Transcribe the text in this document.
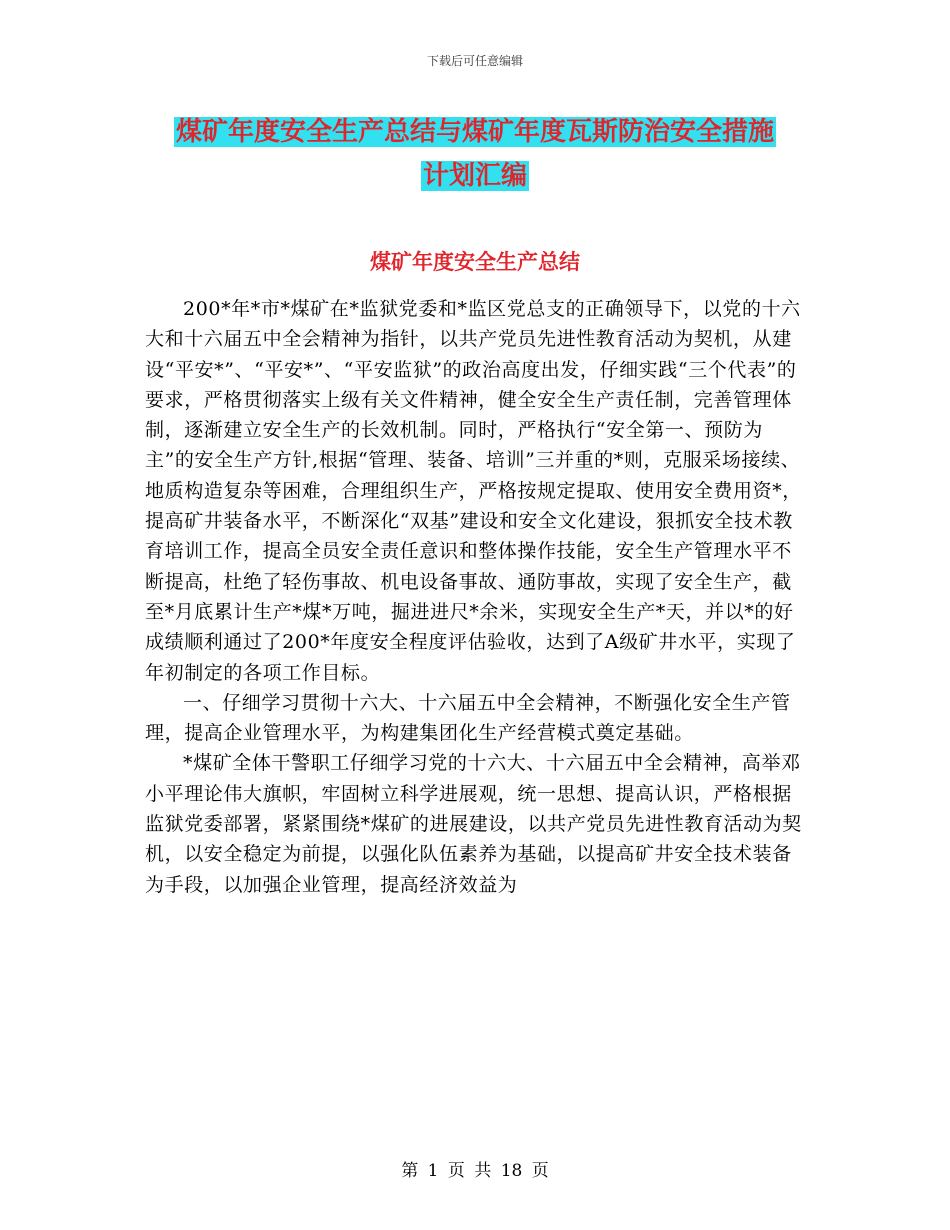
下载后可任意编辑
煤矿年度安全生产总结与煤矿年度瓦斯防治安全措施
计划汇编
煤矿年度安全生产总结

200*年*市*煤矿在*监狱党委和*监区党总支的正确领导下，以党的十六大和十六届五中全会精神为指针，以共产党员先进性教育活动为契机，从建设“平安*”、“平安*”、“平安监狱”的政治高度出发，仔细实践“三个代表”的要求，严格贯彻落实上级有关文件精神，健全安全生产责任制，完善管理体制，逐渐建立安全生产的长效机制。同时，严格执行“安全第一、预防为主”的安全生产方针,根据“管理、装备、培训”三并重的*则，克服采场接续、地质构造复杂等困难，合理组织生产，严格按规定提取、使用安全费用资*，提高矿井装备水平，不断深化“双基”建设和安全文化建设，狠抓安全技术教育培训工作，提高全员安全责任意识和整体操作技能，安全生产管理水平不断提高，杜绝了轻伤事故、机电设备事故、通防事故，实现了安全生产，截至*月底累计生产*煤*万吨，掘进进尺*余米，实现安全生产*天，并以*的好成绩顺利通过了200*年度安全程度评估验收，达到了A级矿井水平，实现了年初制定的各项工作目标。

一、仔细学习贯彻十六大、十六届五中全会精神，不断强化安全生产管理，提高企业管理水平，为构建集团化生产经营模式奠定基础。

*煤矿全体干警职工仔细学习党的十六大、十六届五中全会精神，高举邓小平理论伟大旗帜，牢固树立科学进展观，统一思想、提高认识，严格根据监狱党委部署，紧紧围绕*煤矿的进展建设，以共产党员先进性教育活动为契机，以安全稳定为前提，以强化队伍素养为基础，以提高矿井安全技术装备为手段，以加强企业管理，提高经济效益为

第 1 页 共 18 页
